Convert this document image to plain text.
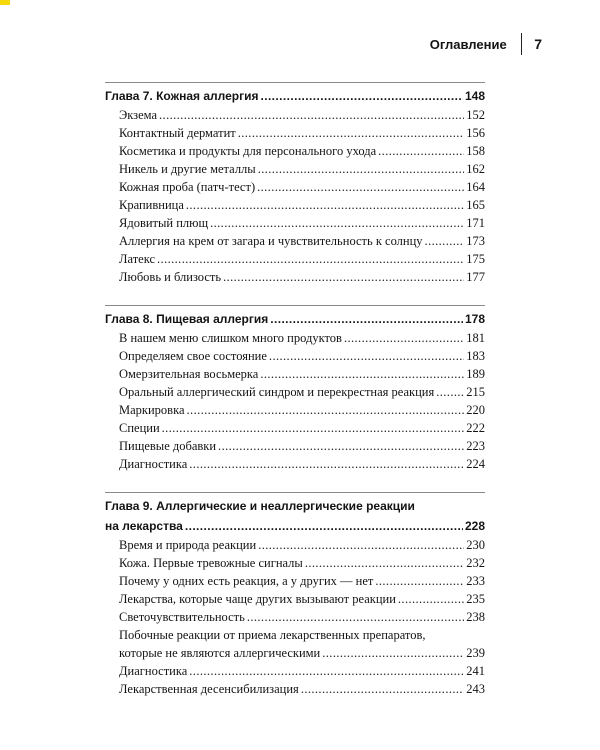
Оглавление 7
Глава 7. Кожная аллергия .....	148
Экзема .....	152
Контактный дерматит .....	156
Косметика и продукты для персонального ухода .....	158
Никель и другие металлы .....	162
Кожная проба (патч-тест) .....	164
Крапивница .....	165
Ядовитый плющ .....	171
Аллергия на крем от загара и чувствительность к солнцу .....	173
Латекс .....	175
Любовь и близость .....	177
Глава 8. Пищевая аллергия .....	178
В нашем меню слишком много продуктов .....	181
Определяем свое состояние .....	183
Омерзительная восьмерка .....	189
Оральный аллергический синдром и перекрестная реакция .....	215
Маркировка .....	220
Специи .....	222
Пищевые добавки .....	223
Диагностика .....	224
Глава 9. Аллергические и неаллергические реакции
на лекарства .....	228
Время и природа реакции .....	230
Кожа. Первые тревожные сигналы .....	232
Почему у одних есть реакция, а у других — нет .....	233
Лекарства, которые чаще других вызывают реакции .....	235
Светочувствительность .....	238
Побочные реакции от приема лекарственных препаратов,
которые не являются аллергическими .....	239
Диагностика .....	241
Лекарственная десенсибилизация .....	243
